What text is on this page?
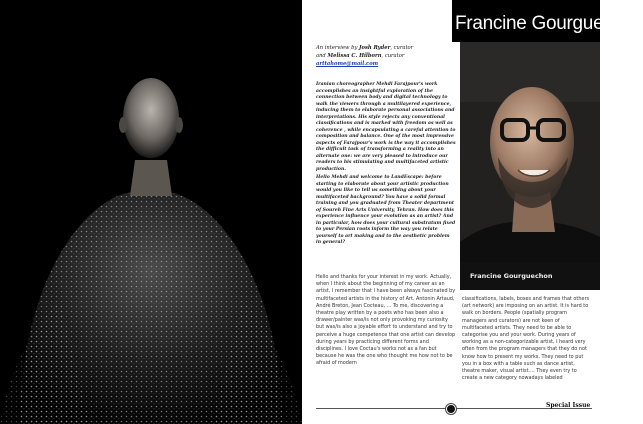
An interview with	Francine Gourguechon
Francine Gourguechon
An interview by Josh Ryder, curator
and Melissa C. Hilborn, curator
arttahome@mail.com

Iranian choreographer Mehdi Farajpour's work accomplishes an insightful exploration of the connection between body and digital technology to walk the viewers through a multilayered experience, inducing them to elaborate personal associations and interpretations. His style rejects any conventional classifications and is marked with freedom as well as coherence , while encapsulating a careful attention to composition and balance. One of the most impressive aspects of Farajpour's work is the way it accomplishes the difficult task of transforming a reality into an alternate one: we are very pleased to introduce our readers to his stimulating and multifaceted artistic production.

Hello Mehdi and welcome to LandEscape: before starting to elaborate about your artistic production would you like to tell us something about your multifaceted background? You have a solid formal training and you graduated from Theater department of Soureh Fine Arts University, Tehran. How does this experience influence your evolution as an artist? And in particular, how does your cultural substratum fixed to your Persian roots inform the way you relate yourself to art making and to the aesthetic problem in general?

Hello and thanks for your interest in my work. Actually, when I think about the beginning of my career as an artist, I remember that I have been always fascinated by multifaceted artists in the history of Art. Antonin Artaud, André Breton, Jean Cocteau, ... To me, discovering a theatre play written by a poets who has been also a drawer/painter was/is not only provoking my curiosity but was/is also a joyable effort to understand and try to perceive a huge competence that one artist can develop during years by practicing different forms and disciplines. I love Coctau's works not as a fan but because he was the one who thought me how not to be afraid of modern
classifications, labels, boxes and frames that others (art network) are imposing on an artist. It is hard to walk on borders. People (spatially program managers and curators) are not keen of multifaceted artists. They need to be able to categorise you and your work. During years of working as a non-categorizable artist, I heard very often from the program managers that they do not know how to present my works. They need to put you in a box with a table such as dance artist, theatre maker, visual artist.... They even try to create a new category nowadays labeled
Special Issue
